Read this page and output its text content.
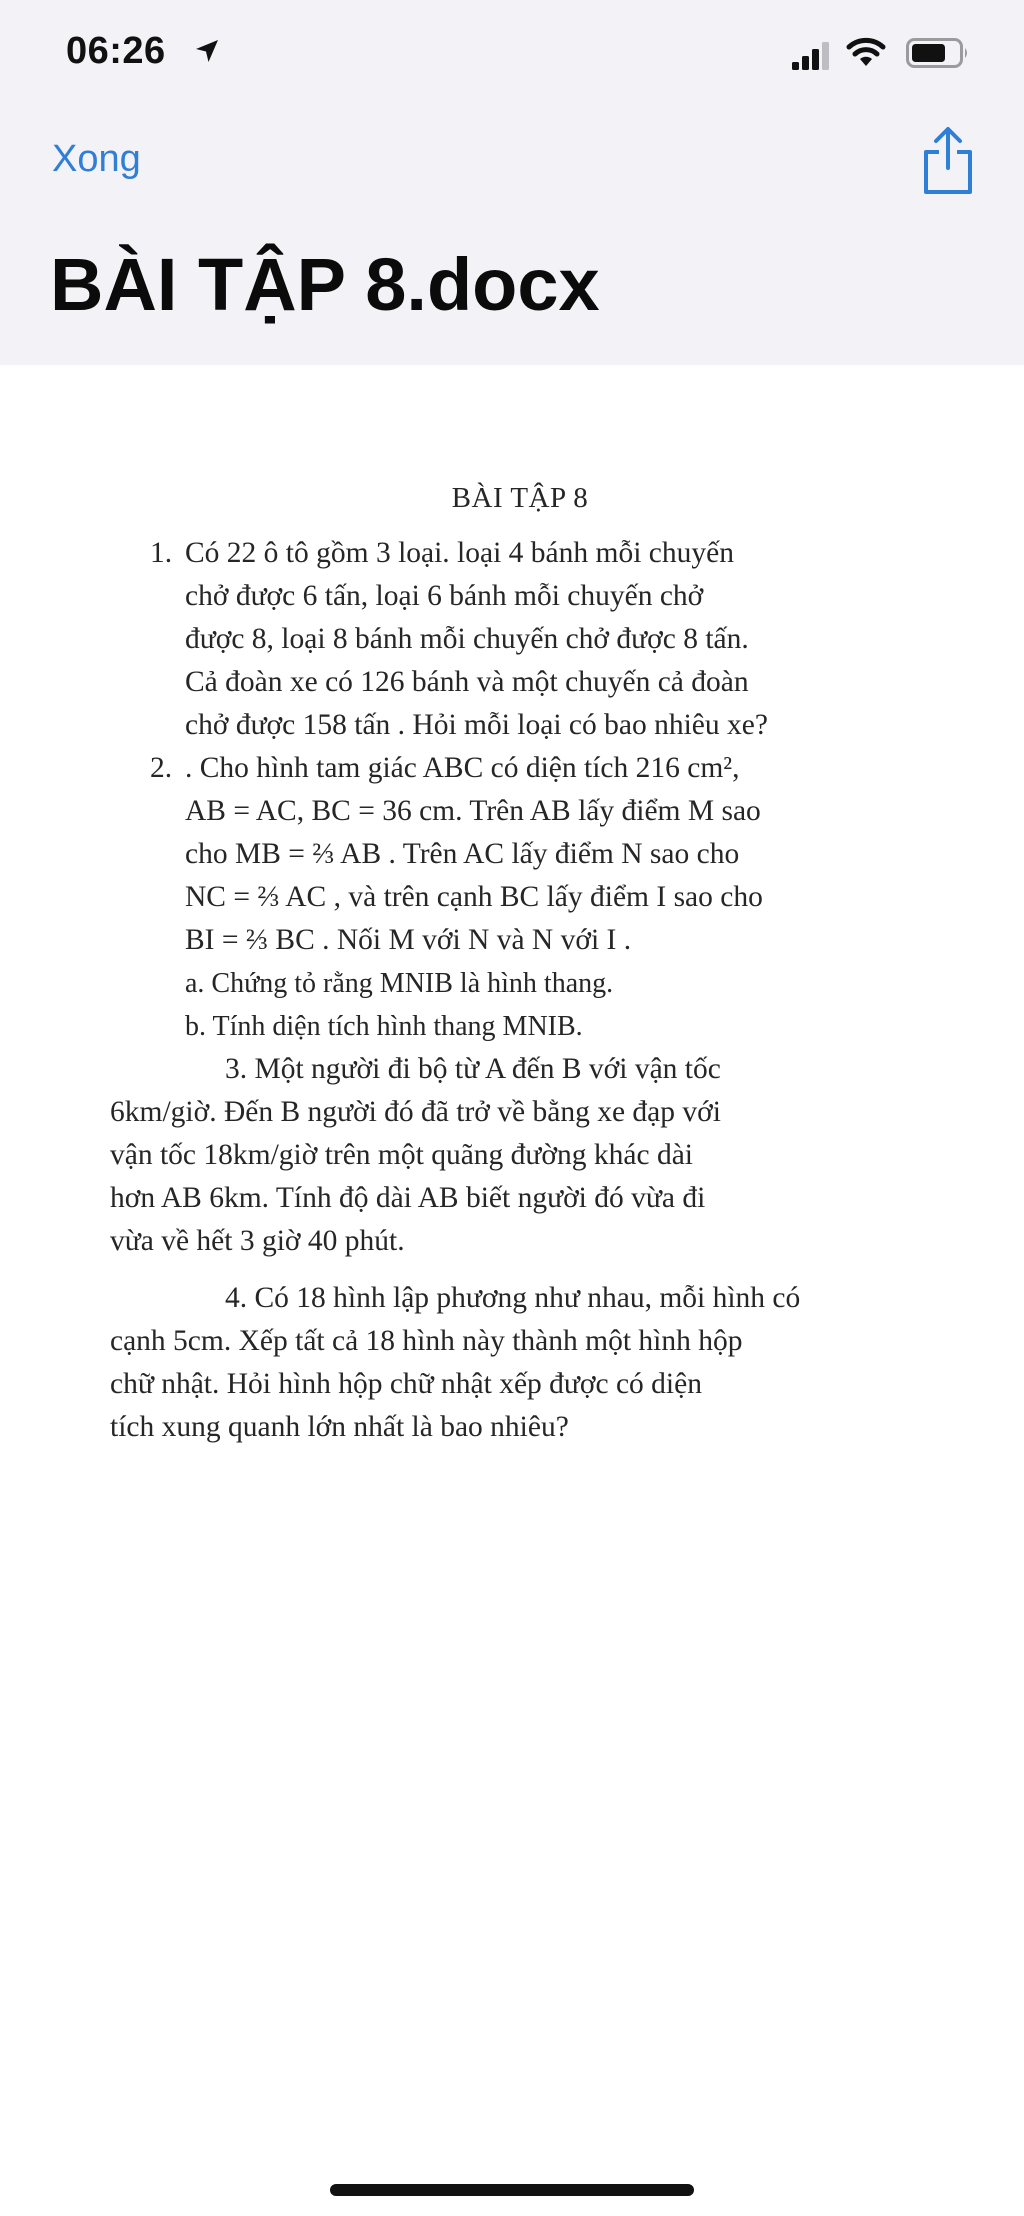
06:26
Xong
BÀI TẬP 8.docx
BÀI TẬP 8
1. Có 22 ô tô gồm 3 loại. loại 4 bánh mỗi chuyến
chở được 6 tấn, loại 6 bánh mỗi chuyến chở
được 8, loại 8 bánh mỗi chuyến chở được 8 tấn.
Cả đoàn xe có 126 bánh và một chuyến cả đoàn
chở được 158 tấn . Hỏi mỗi loại có bao nhiêu xe?
2. . Cho hình tam giác ABC có diện tích 216 cm²,
AB = AC, BC = 36 cm. Trên AB lấy điểm M sao
cho MB = ⅔ AB . Trên AC lấy điểm N sao cho
NC = ⅔ AC , và trên cạnh BC lấy điểm I sao cho
BI = ⅔ BC . Nối M với N và N với I .
a. Chứng tỏ rằng MNIB là hình thang.
b. Tính diện tích hình thang MNIB.
3. Một người đi bộ từ A đến B với vận tốc
6km/giờ. Đến B người đó đã trở về bằng xe đạp với
vận tốc 18km/giờ trên một quãng đường khác dài
hơn AB 6km. Tính độ dài AB biết người đó vừa đi
vừa về hết 3 giờ 40 phút.
4. Có 18 hình lập phương như nhau, mỗi hình có
cạnh 5cm. Xếp tất cả 18 hình này thành một hình hộp
chữ nhật. Hỏi hình hộp chữ nhật xếp được có diện
tích xung quanh lớn nhất là bao nhiêu?
